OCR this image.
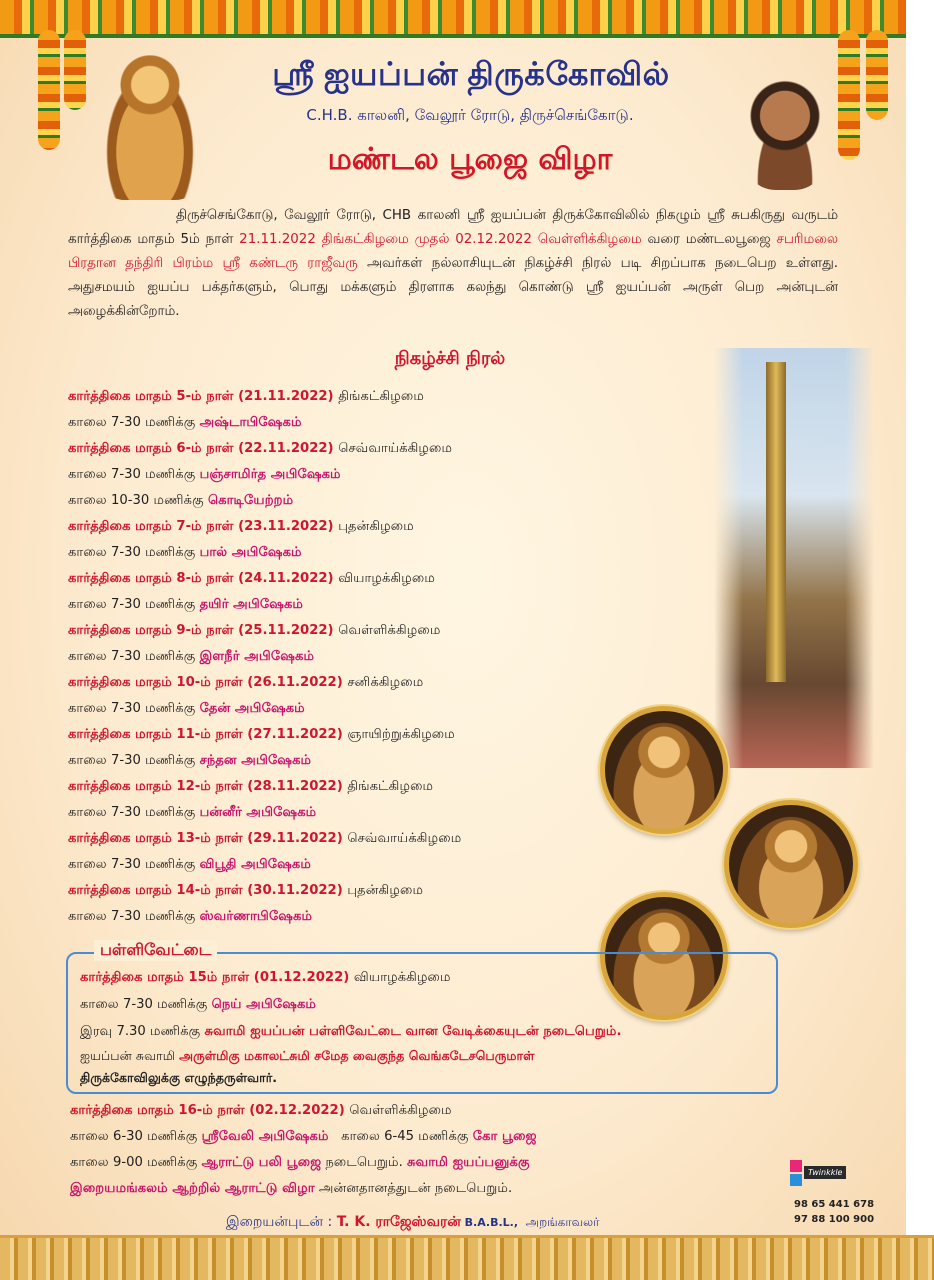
ஸ்ரீ ஐயப்பன் திருக்கோவில்
C.H.B. காலனி, வேலூர் ரோடு, திருச்செங்கோடு.
மண்டல பூஜை விழா
திருச்செங்கோடு, வேலூர் ரோடு, CHB காலனி ஸ்ரீ ஐயப்பன் திருக்கோவிலில் நிகழும் ஸ்ரீ சுபகிருது வருடம் கார்த்திகை மாதம் 5ம் நாள் 21.11.2022 திங்கட்கிழமை முதல் 02.12.2022 வெள்ளிக்கிழமை வரை மண்டலபூஜை சபரிமலை பிரதான தந்திரி பிரம்ம ஸ்ரீ கண்டரு ராஜீவரு அவர்கள் நல்லாசியுடன் நிகழ்ச்சி நிரல் படி சிறப்பாக நடைபெற உள்ளது. அதுசமயம் ஐயப்ப பக்தர்களும், பொது மக்களும் திரளாக கலந்து கொண்டு ஸ்ரீ ஐயப்பன் அருள் பெற அன்புடன் அழைக்கின்றோம்.
நிகழ்ச்சி நிரல்
கார்த்திகை மாதம் 5-ம் நாள் (21.11.2022) திங்கட்கிழமை
காலை 7-30 மணிக்கு அஷ்டாபிஷேகம்
கார்த்திகை மாதம் 6-ம் நாள் (22.11.2022) செவ்வாய்க்கிழமை
காலை 7-30 மணிக்கு பஞ்சாமிர்த அபிஷேகம்
காலை 10-30 மணிக்கு கொடியேற்றம்
கார்த்திகை மாதம் 7-ம் நாள் (23.11.2022) புதன்கிழமை
காலை 7-30 மணிக்கு பால் அபிஷேகம்
கார்த்திகை மாதம் 8-ம் நாள் (24.11.2022) வியாழக்கிழமை
காலை 7-30 மணிக்கு தயிர் அபிஷேகம்
கார்த்திகை மாதம் 9-ம் நாள் (25.11.2022) வெள்ளிக்கிழமை
காலை 7-30 மணிக்கு இளநீர் அபிஷேகம்
கார்த்திகை மாதம் 10-ம் நாள் (26.11.2022) சனிக்கிழமை
காலை 7-30 மணிக்கு தேன் அபிஷேகம்
கார்த்திகை மாதம் 11-ம் நாள் (27.11.2022) ஞாயிற்றுக்கிழமை
காலை 7-30 மணிக்கு சந்தன அபிஷேகம்
கார்த்திகை மாதம் 12-ம் நாள் (28.11.2022) திங்கட்கிழமை
காலை 7-30 மணிக்கு பன்னீர் அபிஷேகம்
கார்த்திகை மாதம் 13-ம் நாள் (29.11.2022) செவ்வாய்க்கிழமை
காலை 7-30 மணிக்கு விபூதி அபிஷேகம்
கார்த்திகை மாதம் 14-ம் நாள் (30.11.2022) புதன்கிழமை
காலை 7-30 மணிக்கு ஸ்வர்ணாபிஷேகம்
பள்ளிவேட்டை
கார்த்திகை மாதம் 15ம் நாள் (01.12.2022) வியாழக்கிழமை
காலை 7-30 மணிக்கு நெய் அபிஷேகம்
இரவு 7.30 மணிக்கு சுவாமி ஐயப்பன் பள்ளிவேட்டை வான வேடிக்கையுடன் நடைபெறும்.
ஐயப்பன் சுவாமி அருள்மிகு மகாலட்சுமி சமேத வைகுந்த வெங்கடேசபெருமாள்
திருக்கோவிலுக்கு எழுந்தருள்வார்.
கார்த்திகை மாதம் 16-ம் நாள் (02.12.2022) வெள்ளிக்கிழமை
காலை 6-30 மணிக்கு ஸ்ரீவேலி அபிஷேகம்   காலை 6-45 மணிக்கு கோ பூஜை
காலை 9-00 மணிக்கு ஆராட்டு பலி பூஜை நடைபெறும். சுவாமி ஐயப்பனுக்கு
இறையமங்கலம் ஆற்றில் ஆராட்டு விழா அன்னதானத்துடன் நடைபெறும்.
இறையன்புடன் : T. K. ராஜேஸ்வரன் B.A.B.L.,  அறங்காவலர்
Twinkkle
98 65 441 678
97 88 100 900
